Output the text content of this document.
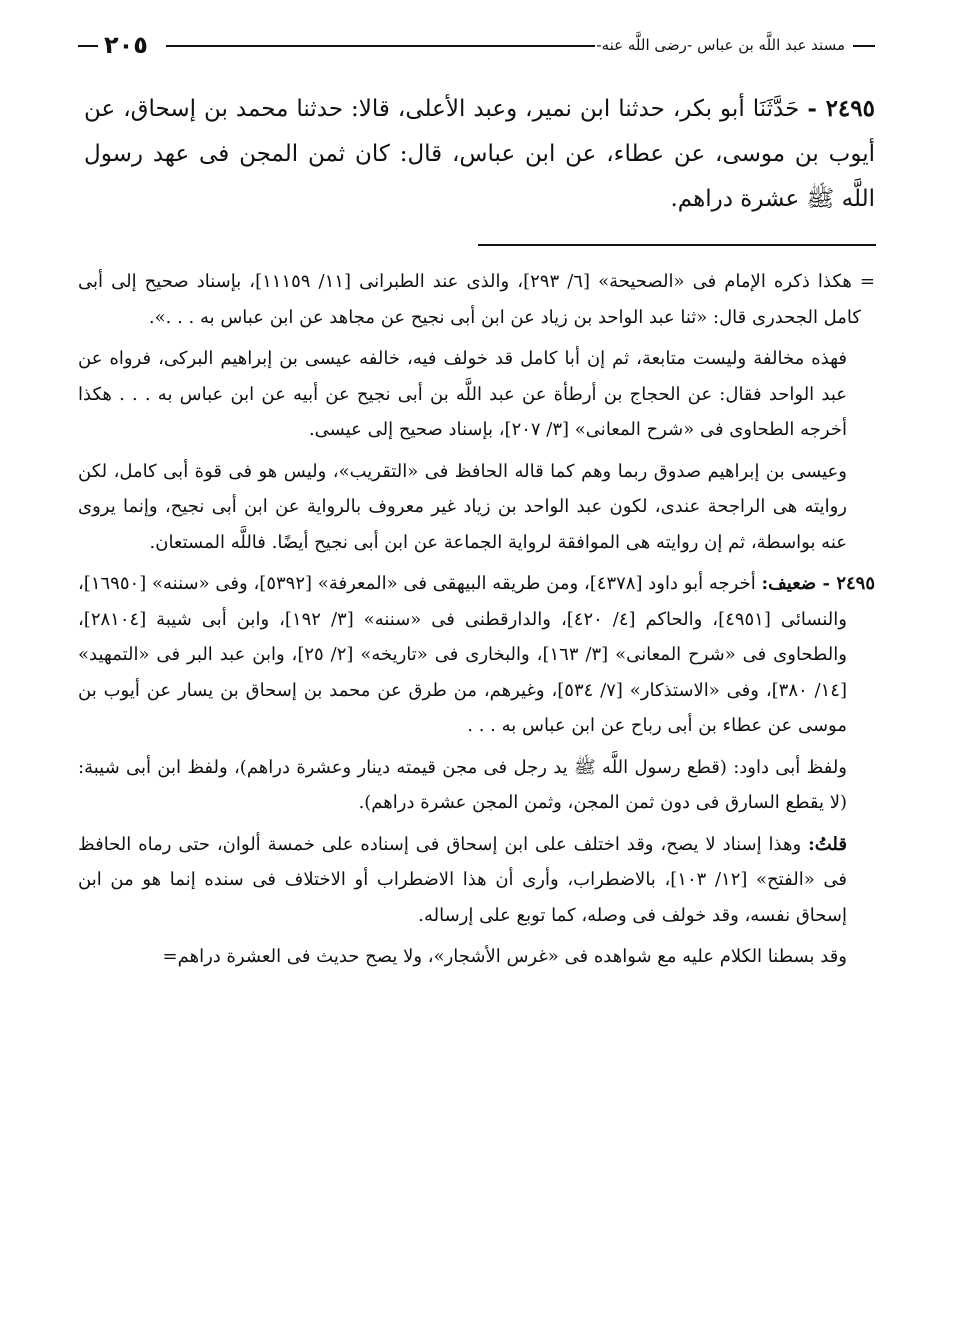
٢٠٥	مسند عبد اللَّه بن عباس -رضى اللَّه عنه-
٢٤٩٥ - حَدَّثَنَا أبو بكر، حدثنا ابن نمير، وعبد الأعلى، قالا: حدثنا محمد بن إسحاق، عن أيوب بن موسى، عن عطاء، عن ابن عباس، قال: كان ثمن المجن فى عهد رسول اللَّه ﷺ عشرة دراهم.

= هكذا ذكره الإمام فى «الصحيحة» [٦/ ٢٩٣]، والذى عند الطبرانى [١١/ ١١١٥٩]، بإسناد صحيح إلى أبى كامل الجحدرى قال: «ثنا عبد الواحد بن زياد عن ابن أبى نجيح عن مجاهد عن ابن عباس به . . .».

فهذه مخالفة وليست متابعة، ثم إن أبا كامل قد خولف فيه، خالفه عيسى بن إبراهيم البركى، فرواه عن عبد الواحد فقال: عن الحجاج بن أرطأة عن عبد اللَّه بن أبى نجيح عن أبيه عن ابن عباس به . . . هكذا أخرجه الطحاوى فى «شرح المعانى» [٣/ ٢٠٧]، بإسناد صحيح إلى عيسى.

وعيسى بن إبراهيم صدوق ربما وهم كما قاله الحافظ فى «التقريب»، وليس هو فى قوة أبى كامل، لكن روايته هى الراجحة عندى، لكون عبد الواحد بن زياد غير معروف بالرواية عن ابن أبى نجيح، وإنما يروى عنه بواسطة، ثم إن روايته هى الموافقة لرواية الجماعة عن ابن أبى نجيح أيضًا. فاللَّه المستعان.

٢٤٩٥ - ضعيف: أخرجه أبو داود [٤٣٧٨]، ومن طريقه البيهقى فى «المعرفة» [٥٣٩٢]، وفى «سننه» [١٦٩٥٠]، والنسائى [٤٩٥١]، والحاكم [٤/ ٤٢٠]، والدارقطنى فى «سننه» [٣/ ١٩٢]، وابن أبى شيبة [٢٨١٠٤]، والطحاوى فى «شرح المعانى» [٣/ ١٦٣]، والبخارى فى «تاريخه» [٢/ ٢٥]، وابن عبد البر فى «التمهيد» [١٤/ ٣٨٠]، وفى «الاستذكار» [٧/ ٥٣٤]، وغيرهم، من طرق عن محمد بن إسحاق بن يسار عن أيوب بن موسى عن عطاء بن أبى رباح عن ابن عباس به . . .

ولفظ أبى داود: (قطع رسول اللَّه ﷺ يد رجل فى مجن قيمته دينار وعشرة دراهم)، ولفظ ابن أبى شيبة: (لا يقطع السارق فى دون ثمن المجن، وثمن المجن عشرة دراهم).

قلتُ: وهذا إسناد لا يصح، وقد اختلف على ابن إسحاق فى إسناده على خمسة ألوان، حتى رماه الحافظ فى «الفتح» [١٢/ ١٠٣]، بالاضطراب، وأرى أن هذا الاضطراب أو الاختلاف فى سنده إنما هو من ابن إسحاق نفسه، وقد خولف فى وصله، كما توبع على إرساله.

وقد بسطنا الكلام عليه مع شواهده فى «غرس الأشجار»، ولا يصح حديث فى العشرة دراهم=
